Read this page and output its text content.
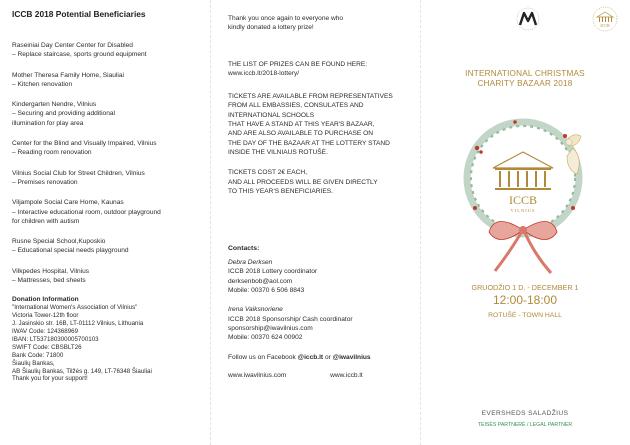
ICCB 2018 Potential Beneficiaries
Raseiniai Day Center Center for Disabled
– Replace staircase, sports ground equipment
Mother Theresa Family Home, Siauliai
– Kitchen renovation
Kindergarten Nendre, Vilnius
– Securing and providing additional
illumination for play area
Center for the Blind and Visually Impaired, Vilnius
– Reading room renovation
Vilnius Social Club for Street Children, Vilnius
– Premises renovation
Viljampole Social Care Home, Kaunas
– Interactive educational room, outdoor playground
for children with autism
Rusne Special School,Kuposkio
– Educational special needs playground
Vilkpedes Hospital, Vilnius
– Mattresses, bed sheets
Donation Information
"International Women's Association of Vilnius"
Victoria Tower-12th floor
J. Jasinskio str. 16B, LT-01112 Vilnius, Lithuania
IWAV Code: 124368969
IBAN: LT537180300005700103
SWIFT Code: CBSBLT26
Bank Code: 71800
Šiaulių Bankas,
AB Šiaulių Bankas, Tilžės g. 149, LT-76348 Šiauliai
Thank you for your support!
Thank you once again to everyone who
kindly donated a lottery prize!
THE LIST OF PRIZES CAN BE FOUND HERE:
www.iccb.lt/2018-lottery/
TICKETS ARE AVAILABLE FROM REPRESENTATIVES
FROM ALL EMBASSIES, CONSULATES AND
INTERNATIONAL SCHOOLS
THAT HAVE A STAND AT THIS YEAR'S BAZAAR,
AND ARE ALSO AVAILABLE TO PURCHASE ON
THE DAY OF THE BAZAAR AT THE LOTTERY STAND
INSIDE THE VILNIAUS ROTUŠĖ.
TICKETS COST 2€ EACH,
AND ALL PROCEEDS WILL BE GIVEN DIRECTLY
TO THIS YEAR'S BENEFICIARIES.
Contacts:
Debra Derksen
ICCB 2018 Lottery coordinator
derksenbob@aol.com
Mobile: 00370 6 506 8843
Irena Vaiksnoriene
ICCB 2018 Sponsorship/ Cash coordinator
sponsorship@iwavilnius.com
Mobile: 00370 624 00902
Follow us on Facebook @iccb.lt or @iwavilnius
www.iwavilnius.com	www.iccb.lt
ICCB
INTERNATIONAL CHRISTMAS
CHARITY BAZAAR 2018
ICCB
VILNIUS
GRUODŽIO 1 D. - DECEMBER 1
12:00-18:00
ROTUŠĖ - TOWN HALL
EVERSHEDS SALADŽIUS
TEISĖS PARTNERĖ / LEGAL PARTNER
